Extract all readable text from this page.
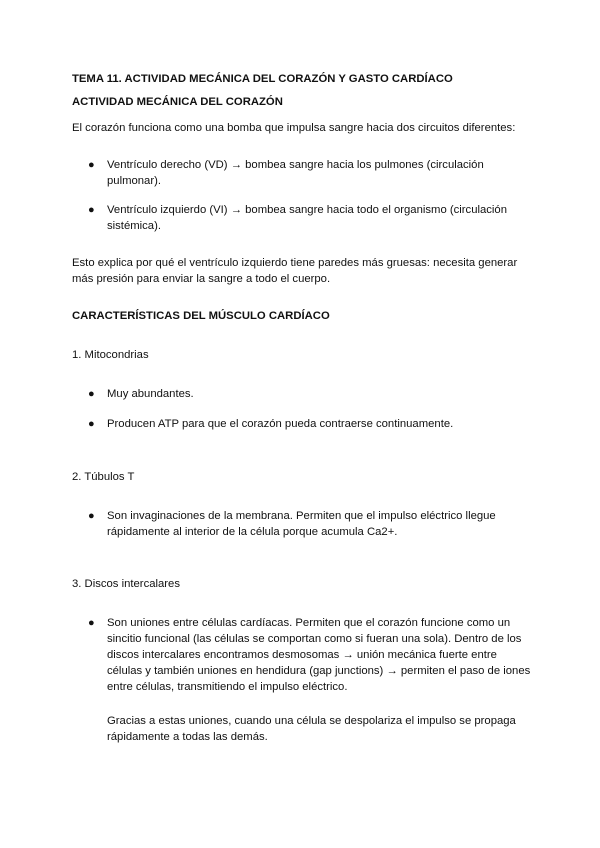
TEMA 11. ACTIVIDAD MECÁNICA DEL CORAZÓN Y GASTO CARDÍACO
ACTIVIDAD MECÁNICA DEL CORAZÓN
El corazón funciona como una bomba que impulsa sangre hacia dos circuitos diferentes:
● Ventrículo derecho (VD) → bombea sangre hacia los pulmones (circulación
pulmonar).
● Ventrículo izquierdo (VI) → bombea sangre hacia todo el organismo (circulación
sistémica).
Esto explica por qué el ventrículo izquierdo tiene paredes más gruesas: necesita generar
más presión para enviar la sangre a todo el cuerpo.
CARACTERÍSTICAS DEL MÚSCULO CARDÍACO
1. Mitocondrias
● Muy abundantes.
● Producen ATP para que el corazón pueda contraerse continuamente.
2. Túbulos T
● Son invaginaciones de la membrana. Permiten que el impulso eléctrico llegue
rápidamente al interior de la célula porque acumula Ca2+.
3. Discos intercalares
● Son uniones entre células cardíacas. Permiten que el corazón funcione como un
sincitio funcional (las células se comportan como si fueran una sola). Dentro de los
discos intercalares encontramos desmosomas → unión mecánica fuerte entre
células y también uniones en hendidura (gap junctions) → permiten el paso de iones
entre células, transmitiendo el impulso eléctrico.
Gracias a estas uniones, cuando una célula se despolariza el impulso se propaga
rápidamente a todas las demás.
